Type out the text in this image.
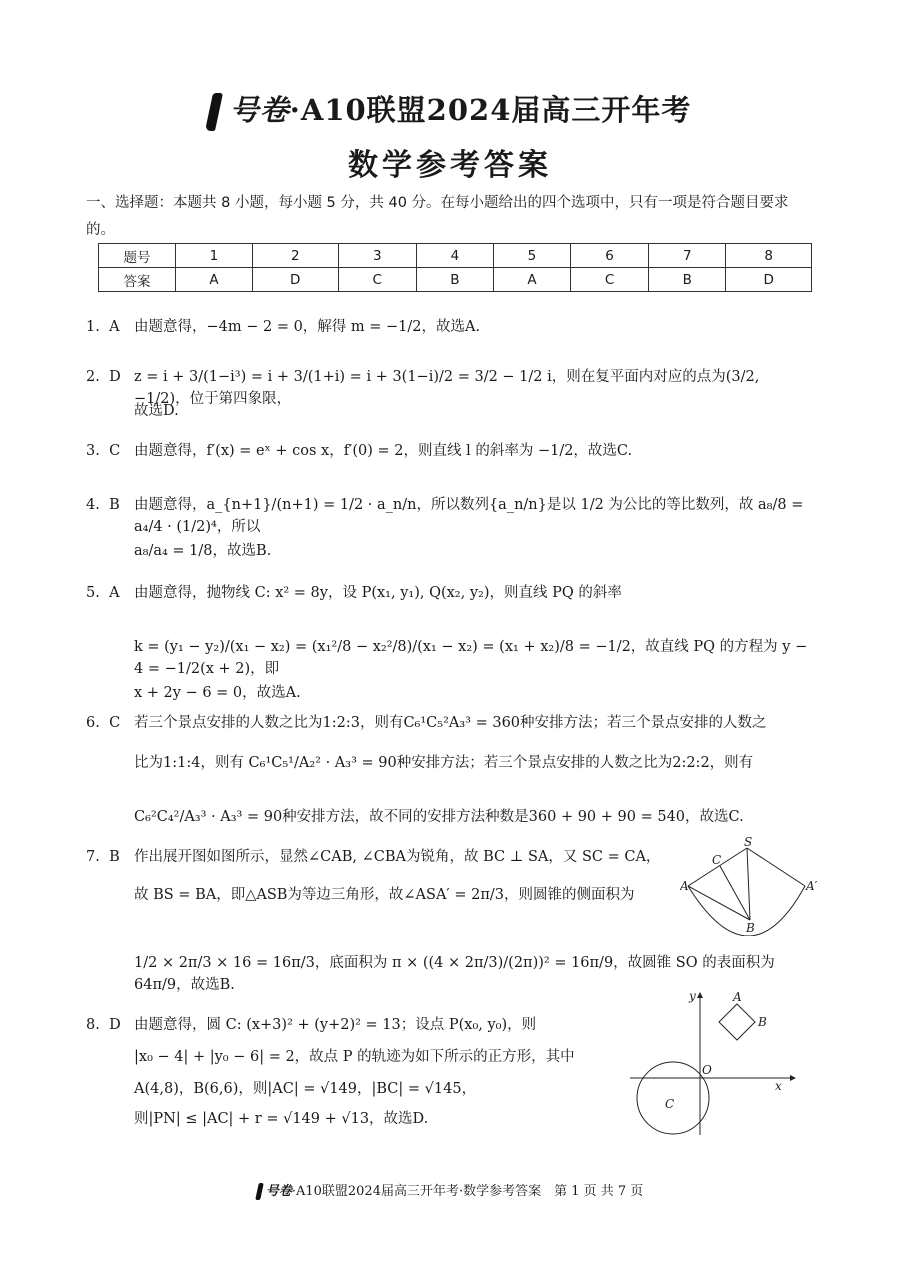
号卷·A10联盟2024届高三开年考
数学参考答案
一、选择题：本题共 8 小题，每小题 5 分，共 40 分。在每小题给出的四个选项中，只有一项是符合题目要求的。
题号	1	2	3	4	5	6	7	8
答案	A	D	C	B	A	C	B	D
1.  A 由题意得，−4m − 2 = 0，解得 m = −1/2，故选A.
2.  D z = i + 3/(1−i³) = i + 3/(1+i) = i + 3(1−i)/2 = 3/2 − 1/2 i，则在复平面内对应的点为(3/2, −1/2)，位于第四象限，
故选D.
3.  C 由题意得，f′(x) = eˣ + cos x，f′(0) = 2，则直线 l 的斜率为 −1/2，故选C.
4.  B 由题意得，a_{n+1}/(n+1) = 1/2 · a_n/n，所以数列{a_n/n}是以 1/2 为公比的等比数列，故 a₈/8 = a₄/4 · (1/2)⁴，所以
a₈/a₄ = 1/8，故选B.
5.  A 由题意得，抛物线 C: x² = 8y，设 P(x₁, y₁), Q(x₂, y₂)，则直线 PQ 的斜率
k = (y₁ − y₂)/(x₁ − x₂) = (x₁²/8 − x₂²/8)/(x₁ − x₂) = (x₁ + x₂)/8 = −1/2，故直线 PQ 的方程为 y − 4 = −1/2(x + 2)，即
x + 2y − 6 = 0，故选A.
6.  C 若三个景点安排的人数之比为1:2:3，则有C₆¹C₅²A₃³ = 360种安排方法；若三个景点安排的人数之
比为1:1:4，则有 C₆¹C₅¹/A₂² · A₃³ = 90种安排方法；若三个景点安排的人数之比为2:2:2，则有
C₆²C₄²/A₃³ · A₃³ = 90种安排方法，故不同的安排方法种数是360 + 90 + 90 = 540，故选C.
7.  B 作出展开图如图所示，显然∠CAB, ∠CBA为锐角，故 BC ⊥ SA，又 SC = CA，
故 BS = BA，即△ASB为等边三角形，故∠ASA′ = 2π/3，则圆锥的侧面积为
1/2 × 2π/3 × 16 = 16π/3，底面积为 π × ((4 × 2π/3)/(2π))² = 16π/9，故圆锥 SO 的表面积为 64π/9，故选B.
S
C
A	A′
B
8.  D 由题意得，圆 C: (x+3)² + (y+2)² = 13；设点 P(x₀, y₀)，则
|x₀ − 4| + |y₀ − 6| = 2，故点 P 的轨迹为如下所示的正方形，其中
A(4,8)，B(6,6)，则|AC| = √149，|BC| = √145，
则|PN| ≤ |AC| + r = √149 + √13，故选D.
y	A
B
O
x
C
号卷·A10联盟2024届高三开年考·数学参考答案　第 1 页 共 7 页
